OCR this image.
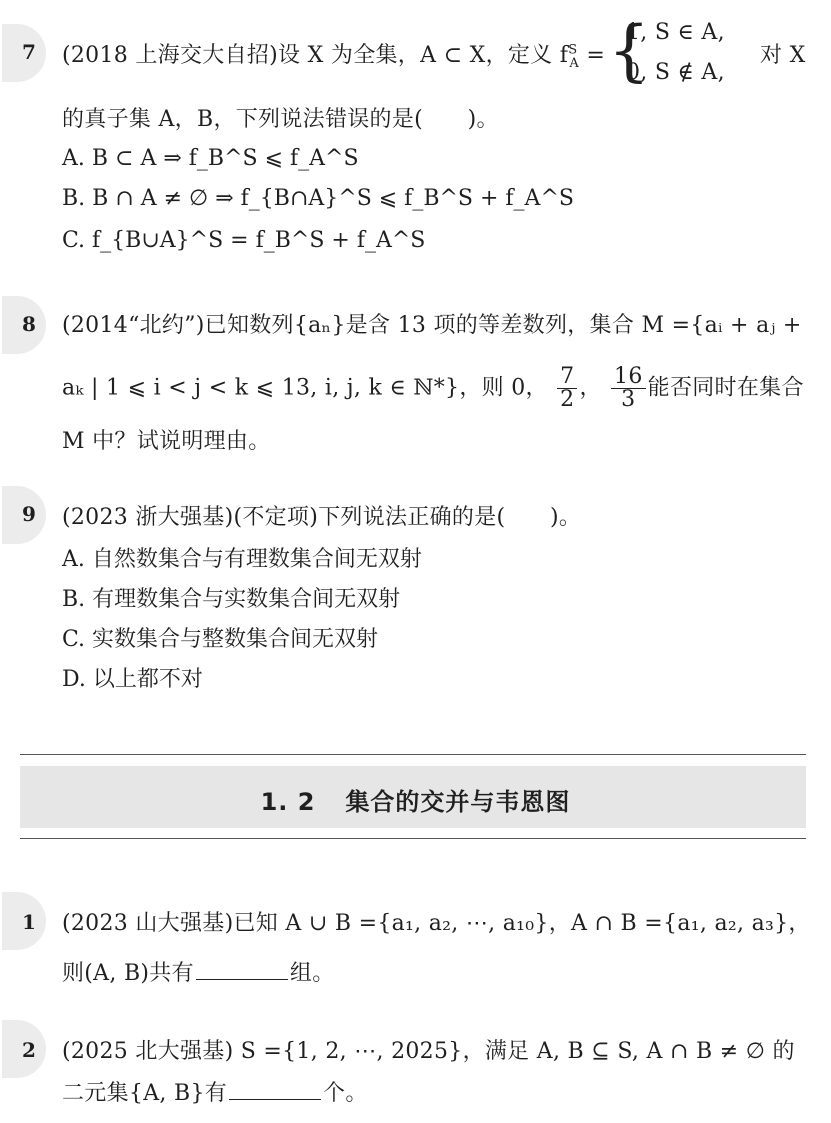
7 (2018 上海交大自招)设 X 为全集，A ⊂ X，定义 $f^S_A$ = {
1, S ∈ A,
0, S ∉ A,
对 X
的真子集 A，B，下列说法错误的是(　　)。
A. B ⊂ A ⇒ f_B^S ⩽ f_A^S
B. B ∩ A ≠ ∅ ⇒ f_{B∩A}^S ⩽ f_B^S + f_A^S
C. f_{B∪A}^S = f_B^S + f_A^S
8 (2014“北约”)已知数列{aₙ}是含 13 项的等差数列，集合 M ={aᵢ + aⱼ +
aₖ | 1 ⩽ i < j < k ⩽ 13, i, j, k ∈ ℕ*}，则 0， $\frac{7}{2}$ ， $\frac{16}{3}$ 能否同时在集合
M 中？试说明理由。
9 (2023 浙大强基)(不定项)下列说法正确的是(　　)。
A. 自然数集合与有理数集合间无双射
B. 有理数集合与实数集合间无双射
C. 实数集合与整数集合间无双射
D. 以上都不对
1. 2 集合的交并与韦恩图
1 (2023 山大强基)已知 A ∪ B ={a₁, a₂, ⋯, a₁₀}，A ∩ B ={a₁, a₂, a₃}，
则(A, B)共有	组。
2 (2025 北大强基) S ={1, 2, ⋯, 2025}，满足 A, B ⊆ S, A ∩ B ≠ ∅ 的
二元集{A, B}有	个。
